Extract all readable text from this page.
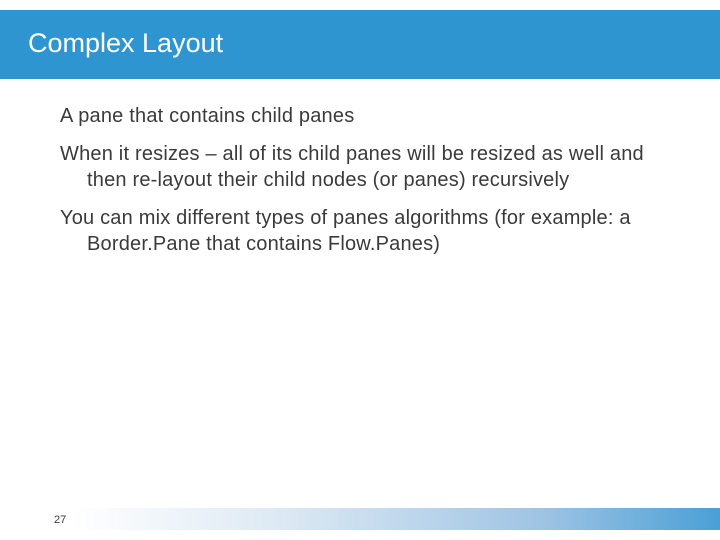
Complex Layout

A pane that contains child panes

When it resizes – all of its child panes will be resized as well and then re-layout their child nodes (or panes) recursively

You can mix different types of panes algorithms (for example: a Border.Pane that contains Flow.Panes)

27
